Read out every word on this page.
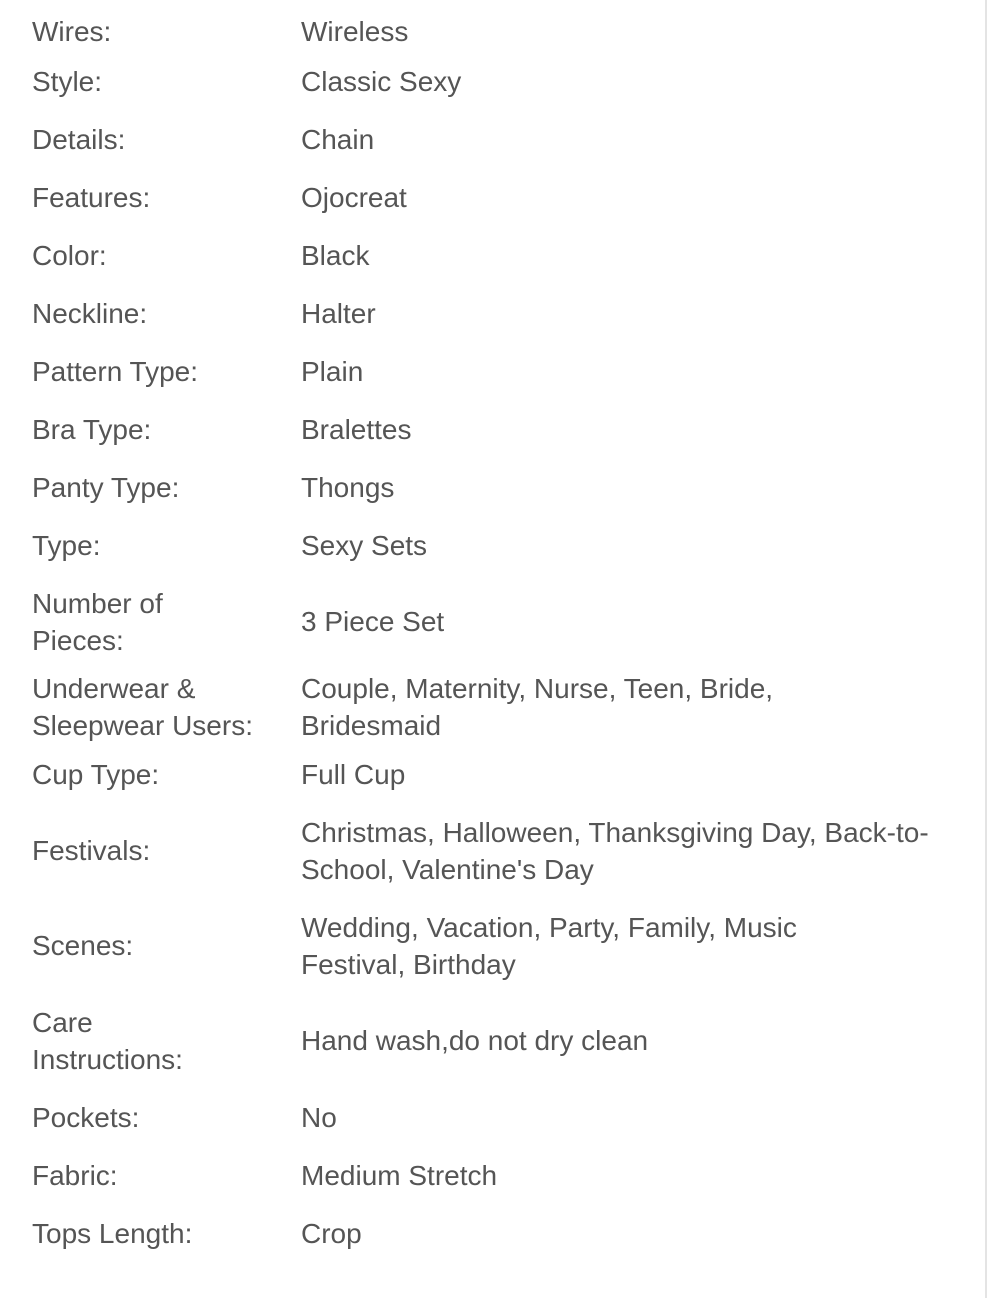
Wires:	Wireless

Style:	Classic Sexy

Details:	Chain

Features:	Ojocreat

Color:	Black

Neckline:	Halter

Pattern Type:	Plain

Bra Type:	Bralettes

Panty Type:	Thongs

Type:	Sexy Sets

Number of Pieces:	3 Piece Set

Underwear & Sleepwear Users:	Couple, Maternity, Nurse, Teen, Bride, Bridesmaid

Cup Type:	Full Cup

Festivals:	Christmas, Halloween, Thanksgiving Day, Back-to-School, Valentine's Day

Scenes:	Wedding, Vacation, Party, Family, Music Festival, Birthday

Care Instructions:	Hand wash,do not dry clean

Pockets:	No

Fabric:	Medium Stretch

Tops Length:	Crop
